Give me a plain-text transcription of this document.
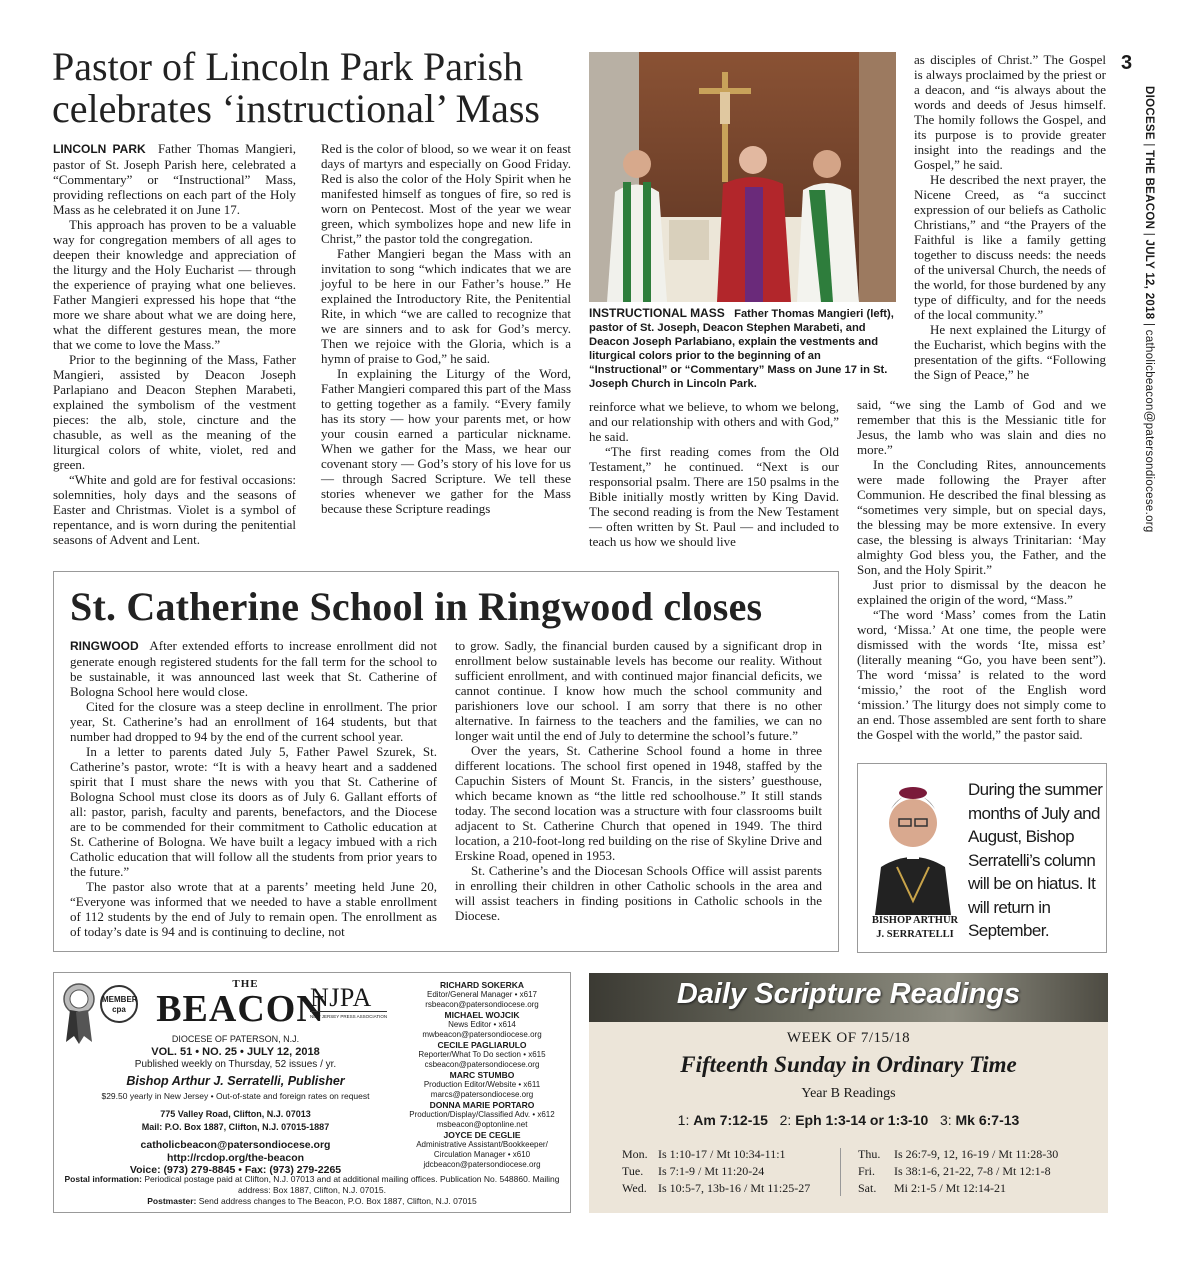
3
DIOCESE | THE BEACON | JULY 12, 2018 | catholicbeacon@patersondiocese.org
Pastor of Lincoln Park Parish
celebrates ‘instructional’ Mass

LINCOLN PARK Father Thomas Mangieri, pastor of St. Joseph Parish here, celebrated a “Commentary” or “Instructional” Mass, providing reflections on each part of the Holy Mass as he celebrated it on June 17.

This approach has proven to be a valuable way for congregation members of all ages to deepen their knowledge and appreciation of the liturgy and the Holy Eucharist — through the experience of praying what one believes. Father Mangieri expressed his hope that “the more we share about what we are doing here, what the different gestures mean, the more that we come to love the Mass.”

Prior to the beginning of the Mass, Father Mangieri, assisted by Deacon Joseph Parlapiano and Deacon Stephen Marabeti, explained the symbolism of the vestment pieces: the alb, stole, cincture and the chasuble, as well as the meaning of the liturgical colors of white, violet, red and green.

“White and gold are for festival occasions: solemnities, holy days and the seasons of Easter and Christmas. Violet is a symbol of repentance, and is worn during the penitential seasons of Advent and Lent.

Red is the color of blood, so we wear it on feast days of martyrs and especially on Good Friday. Red is also the color of the Holy Spirit when he manifested himself as tongues of fire, so red is worn on Pentecost. Most of the year we wear green, which symbolizes hope and new life in Christ,” the pastor told the congregation.

Father Mangieri began the Mass with an invitation to song “which indicates that we are joyful to be here in our Father’s house.” He explained the Introductory Rite, the Penitential Rite, in which “we are called to recognize that we are sinners and to ask for God’s mercy. Then we rejoice with the Gloria, which is a hymn of praise to God,” he said.

In explaining the Liturgy of the Word, Father Mangieri compared this part of the Mass to getting together as a family. “Every family has its story — how your parents met, or how your cousin earned a particular nickname. When we gather for the Mass, we hear our covenant story — God’s story of his love for us — through Sacred Scripture. We tell these stories whenever we gather for the Mass because these Scripture readings

INSTRUCTIONAL MASS Father Thomas Mangieri (left), pastor of St. Joseph, Deacon Stephen Marabeti, and Deacon Joseph Parlabiano, explain the vestments and liturgical colors prior to the beginning of an “Instructional” or “Commentary” Mass on June 17 in St. Joseph Church in Lincoln Park.

reinforce what we believe, to whom we belong, and our relationship with others and with God,” he said.

“The first reading comes from the Old Testament,” he continued. “Next is our responsorial psalm. There are 150 psalms in the Bible initially mostly written by King David. The second reading is from the New Testament — often written by St. Paul — and included to teach us how we should live

as disciples of Christ.” The Gospel is always proclaimed by the priest or a deacon, and “is always about the words and deeds of Jesus himself. The homily follows the Gospel, and its purpose is to provide greater insight into the readings and the Gospel,” he said.

He described the next prayer, the Nicene Creed, as “a succinct expression of our beliefs as Catholic Christians,” and “the Prayers of the Faithful is like a family getting together to discuss needs: the needs of the universal Church, the needs of the world, for those burdened by any type of difficulty, and for the needs of the local community.”

He next explained the Liturgy of the Eucharist, which begins with the presentation of the gifts. “Following the Sign of Peace,” he

said, “we sing the Lamb of God and we remember that this is the Messianic title for Jesus, the lamb who was slain and dies no more.”

In the Concluding Rites, announcements were made following the Prayer after Communion. He described the final blessing as “sometimes very simple, but on special days, the blessing may be more extensive. In every case, the blessing is always Trinitarian: ‘May almighty God bless you, the Father, and the Son, and the Holy Spirit.”

Just prior to dismissal by the deacon he explained the origin of the word, “Mass.”

“The word ‘Mass’ comes from the Latin word, ‘Missa.’ At one time, the people were dismissed with the words ‘Ite, missa est’ (literally meaning “Go, you have been sent”). The word ‘missa’ is related to the word ‘missio,’ the root of the English word ‘mission.’ The liturgy does not simply come to an end. Those assembled are sent forth to share the Gospel with the world,” the pastor said.

St. Catherine School in Ringwood closes

RINGWOOD After extended efforts to increase enrollment did not generate enough registered students for the fall term for the school to be sustainable, it was announced last week that St. Catherine of Bologna School here would close.

Cited for the closure was a steep decline in enrollment. The prior year, St. Catherine’s had an enrollment of 164 students, but that number had dropped to 94 by the end of the current school year.

In a letter to parents dated July 5, Father Pawel Szurek, St. Catherine’s pastor, wrote: “It is with a heavy heart and a saddened spirit that I must share the news with you that St. Catherine of Bologna School must close its doors as of July 6. Gallant efforts of all: pastor, parish, faculty and parents, benefactors, and the Diocese are to be commended for their commitment to Catholic education at St. Catherine of Bologna. We have built a legacy imbued with a rich Catholic education that will follow all the students from prior years to the future.”

The pastor also wrote that at a parents’ meeting held June 20, “Everyone was informed that we needed to have a stable enrollment of 112 students by the end of July to remain open. The enrollment as of today’s date is 94 and is continuing to decline, not

to grow. Sadly, the financial burden caused by a significant drop in enrollment below sustainable levels has become our reality. Without sufficient enrollment, and with continued major financial deficits, we cannot continue. I know how much the school community and parishioners love our school. I am sorry that there is no other alternative. In fairness to the teachers and the families, we can no longer wait until the end of July to determine the school’s future.”

Over the years, St. Catherine School found a home in three different locations. The school first opened in 1948, staffed by the Capuchin Sisters of Mount St. Francis, in the sisters’ guesthouse, which became known as “the little red schoolhouse.” It still stands today. The second location was a structure with four classrooms built adjacent to St. Catherine Church that opened in 1949. The third location, a 210-foot-long red building on the rise of Skyline Drive and Erskine Road, opened in 1953.

St. Catherine’s and the Diocesan Schools Office will assist parents in enrolling their children in other Catholic schools in the area and will assist teachers in finding positions in Catholic schools in the Diocese.

During the summer months of July and August, Bishop Serratelli’s column will be on hiatus. It will return in September.
BISHOP ARTHUR
J. SERRATELLI
MEMBER cpa
THE
BEACON
DIOCESE OF PATERSON, N.J.
VOL. 51 • NO. 25 • JULY 12, 2018
Published weekly on Thursday, 52 issues / yr.
Bishop Arthur J. Serratelli, Publisher
$29.50 yearly in New Jersey • Out-of-state and foreign rates on request
775 Valley Road, Clifton, N.J. 07013
Mail: P.O. Box 1887, Clifton, N.J. 07015-1887
catholicbeacon@patersondiocese.org
http://rcdop.org/the-beacon
Voice: (973) 279-8845 • Fax: (973) 279-2265
NJPA
NEW JERSEY PRESS ASSOCIATION
RICHARD SOKERKA
Editor/General Manager • x617
rsbeacon@patersondiocese.org
MICHAEL WOJCIK
News Editor • x614
mwbeacon@patersondiocese.org
CECILE PAGLIARULO
Reporter/What To Do section • x615
csbeacon@patersondiocese.org
MARC STUMBO
Production Editor/Website • x611
marcs@patersondiocese.org
DONNA MARIE PORTARO
Production/Display/Classified Adv. • x612
msbeacon@optonline.net
JOYCE DE CEGLIE
Administrative Assistant/Bookkeeper/ Circulation Manager • x610
jdcbeacon@patersondiocese.org
Postal information: Periodical postage paid at Clifton, N.J. 07013 and at additional mailing offices. Publication No. 548860. Mailing address: Box 1887, Clifton, N.J. 07015.
Postmaster: Send address changes to The Beacon, P.O. Box 1887, Clifton, N.J. 07015
Daily Scripture Readings
WEEK OF 7/15/18
Fifteenth Sunday in Ordinary Time
Year B Readings
1: Am 7:12-15 2: Eph 1:3-14 or 1:3-10 3: Mk 6:7-13
Mon. Is 1:10-17 / Mt 10:34-11:1
Tue. Is 7:1-9 / Mt 11:20-24
Wed. Is 10:5-7, 13b-16 / Mt 11:25-27
Thu. Is 26:7-9, 12, 16-19 / Mt 11:28-30
Fri. Is 38:1-6, 21-22, 7-8 / Mt 12:1-8
Sat. Mi 2:1-5 / Mt 12:14-21
